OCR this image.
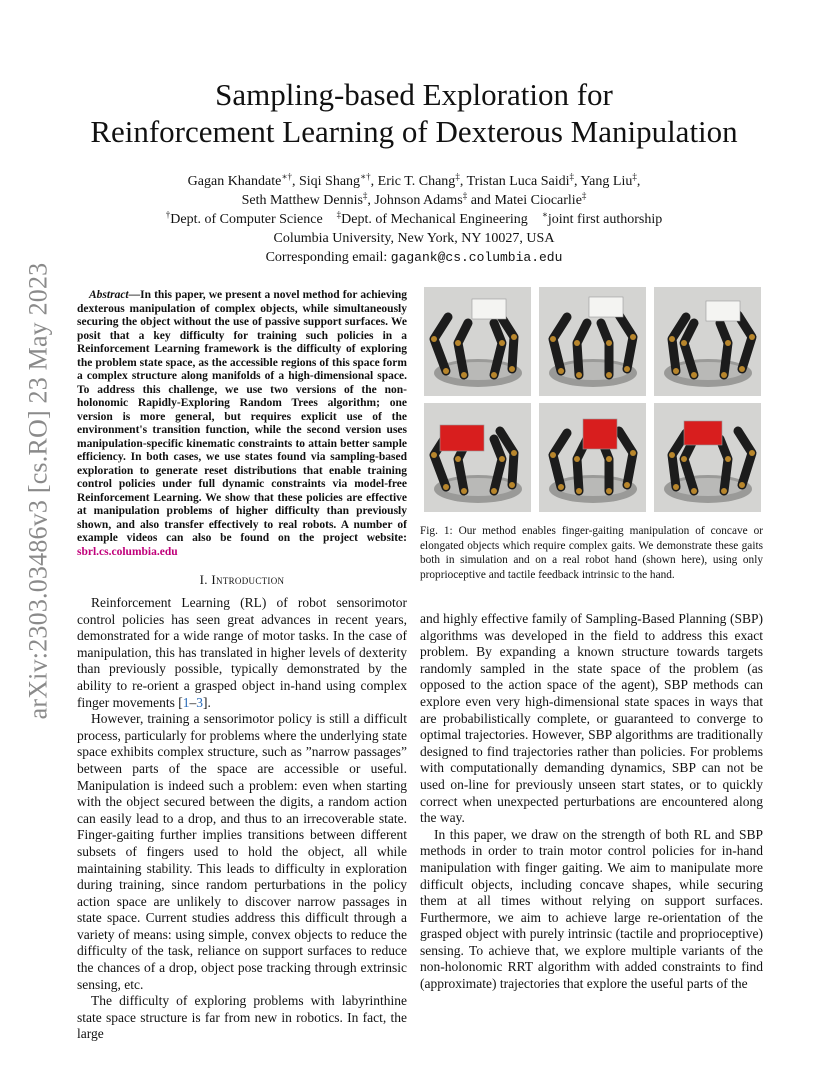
arXiv:2303.03486v3 [cs.RO] 23 May 2023
Sampling-based Exploration for
Reinforcement Learning of Dexterous Manipulation
Gagan Khandate∗†, Siqi Shang∗†, Eric T. Chang‡, Tristan Luca Saidi‡, Yang Liu‡,
Seth Matthew Dennis‡, Johnson Adams‡ and Matei Ciocarlie‡
†Dept. of Computer Science ‡Dept. of Mechanical Engineering ∗joint first authorship
Columbia University, New York, NY 10027, USA
Corresponding email: gagank@cs.columbia.edu
Abstract—In this paper, we present a novel method for achieving dexterous manipulation of complex objects, while simultaneously securing the object without the use of passive support surfaces. We posit that a key difficulty for training such policies in a Reinforcement Learning framework is the difficulty of exploring the problem state space, as the accessible regions of this space form a complex structure along manifolds of a high-dimensional space. To address this challenge, we use two versions of the non-holonomic Rapidly-Exploring Random Trees algorithm; one version is more general, but requires explicit use of the environment's transition function, while the second version uses manipulation-specific kinematic constraints to attain better sample efficiency. In both cases, we use states found via sampling-based exploration to generate reset distributions that enable training control policies under full dynamic constraints via model-free Reinforcement Learning. We show that these policies are effective at manipulation problems of higher difficulty than previously shown, and also transfer effectively to real robots. A number of example videos can also be found on the project website: sbrl.cs.columbia.edu
I. Introduction

Reinforcement Learning (RL) of robot sensorimotor control policies has seen great advances in recent years, demonstrated for a wide range of motor tasks. In the case of manipulation, this has translated in higher levels of dexterity than previously possible, typically demonstrated by the ability to re-orient a grasped object in-hand using complex finger movements [1–3].

However, training a sensorimotor policy is still a difficult process, particularly for problems where the underlying state space exhibits complex structure, such as ”narrow passages” between parts of the space are accessible or useful. Manipulation is indeed such a problem: even when starting with the object secured between the digits, a random action can easily lead to a drop, and thus to an irrecoverable state. Finger-gaiting further implies transitions between different subsets of fingers used to hold the object, all while maintaining stability. This leads to difficulty in exploration during training, since random perturbations in the policy action space are unlikely to discover narrow passages in state space. Current studies address this difficult through a variety of means: using simple, convex objects to reduce the difficulty of the task, reliance on support surfaces to reduce the chances of a drop, object pose tracking through extrinsic sensing, etc.

The difficulty of exploring problems with labyrinthine state space structure is far from new in robotics. In fact, the large

Fig. 1: Our method enables finger-gaiting manipulation of concave or elongated objects which require complex gaits. We demonstrate these gaits both in simulation and on a real robot hand (shown here), using only proprioceptive and tactile feedback intrinsic to the hand.

and highly effective family of Sampling-Based Planning (SBP) algorithms was developed in the field to address this exact problem. By expanding a known structure towards targets randomly sampled in the state space of the problem (as opposed to the action space of the agent), SBP methods can explore even very high-dimensional state spaces in ways that are probabilistically complete, or guaranteed to converge to optimal trajectories. However, SBP algorithms are traditionally designed to find trajectories rather than policies. For problems with computationally demanding dynamics, SBP can not be used on-line for previously unseen start states, or to quickly correct when unexpected perturbations are encountered along the way.

In this paper, we draw on the strength of both RL and SBP methods in order to train motor control policies for in-hand manipulation with finger gaiting. We aim to manipulate more difficult objects, including concave shapes, while securing them at all times without relying on support surfaces. Furthermore, we aim to achieve large re-orientation of the grasped object with purely intrinsic (tactile and proprioceptive) sensing. To achieve that, we explore multiple variants of the non-holonomic RRT algorithm with added constraints to find (approximate) trajectories that explore the useful parts of the
